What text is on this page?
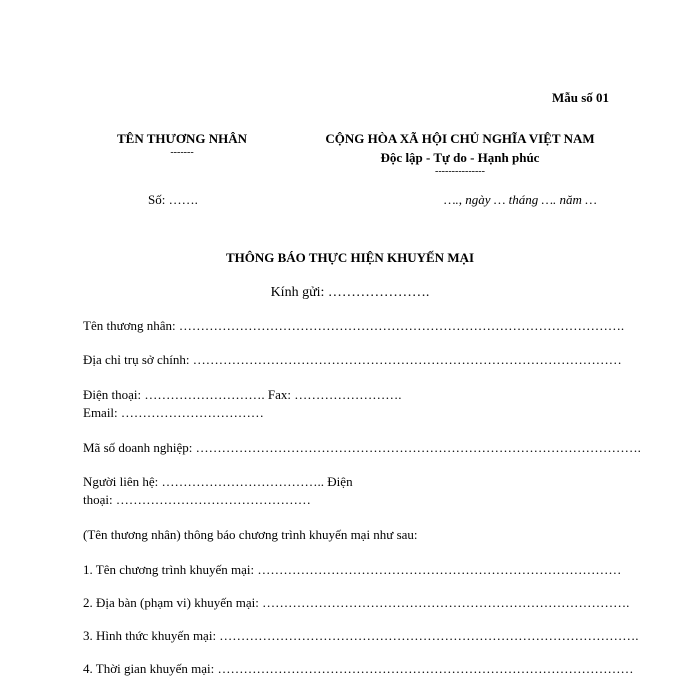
Mẫu số 01
TÊN THƯƠNG NHÂN
-------
CỘNG HÒA XÃ HỘI CHỦ NGHĨA VIỆT NAM
Độc lập - Tự do - Hạnh phúc
---------------
Số: …….	…., ngày … tháng …. năm …
THÔNG BÁO THỰC HIỆN KHUYẾN MẠI
Kính gửi: ………………….
Tên thương nhân: ………………………………………………………………………………………….
Địa chỉ trụ sở chính: ………………………………………………………………………………………
Điện thoại: ………………………. Fax: …………………….
Email: ……………………………
Mã số doanh nghiệp: ………………………………………………………………………………………….
Người liên hệ: ……………………………….. Điện
thoại: ………………………………………
(Tên thương nhân) thông báo chương trình khuyến mại như sau:
1. Tên chương trình khuyến mại: …………………………………………………………………………
2. Địa bàn (phạm vi) khuyến mại: ………………………………………………………………………….
3. Hình thức khuyến mại: …………………………………………………………………………………….
4. Thời gian khuyến mại: ……………………………………………………………………………………
